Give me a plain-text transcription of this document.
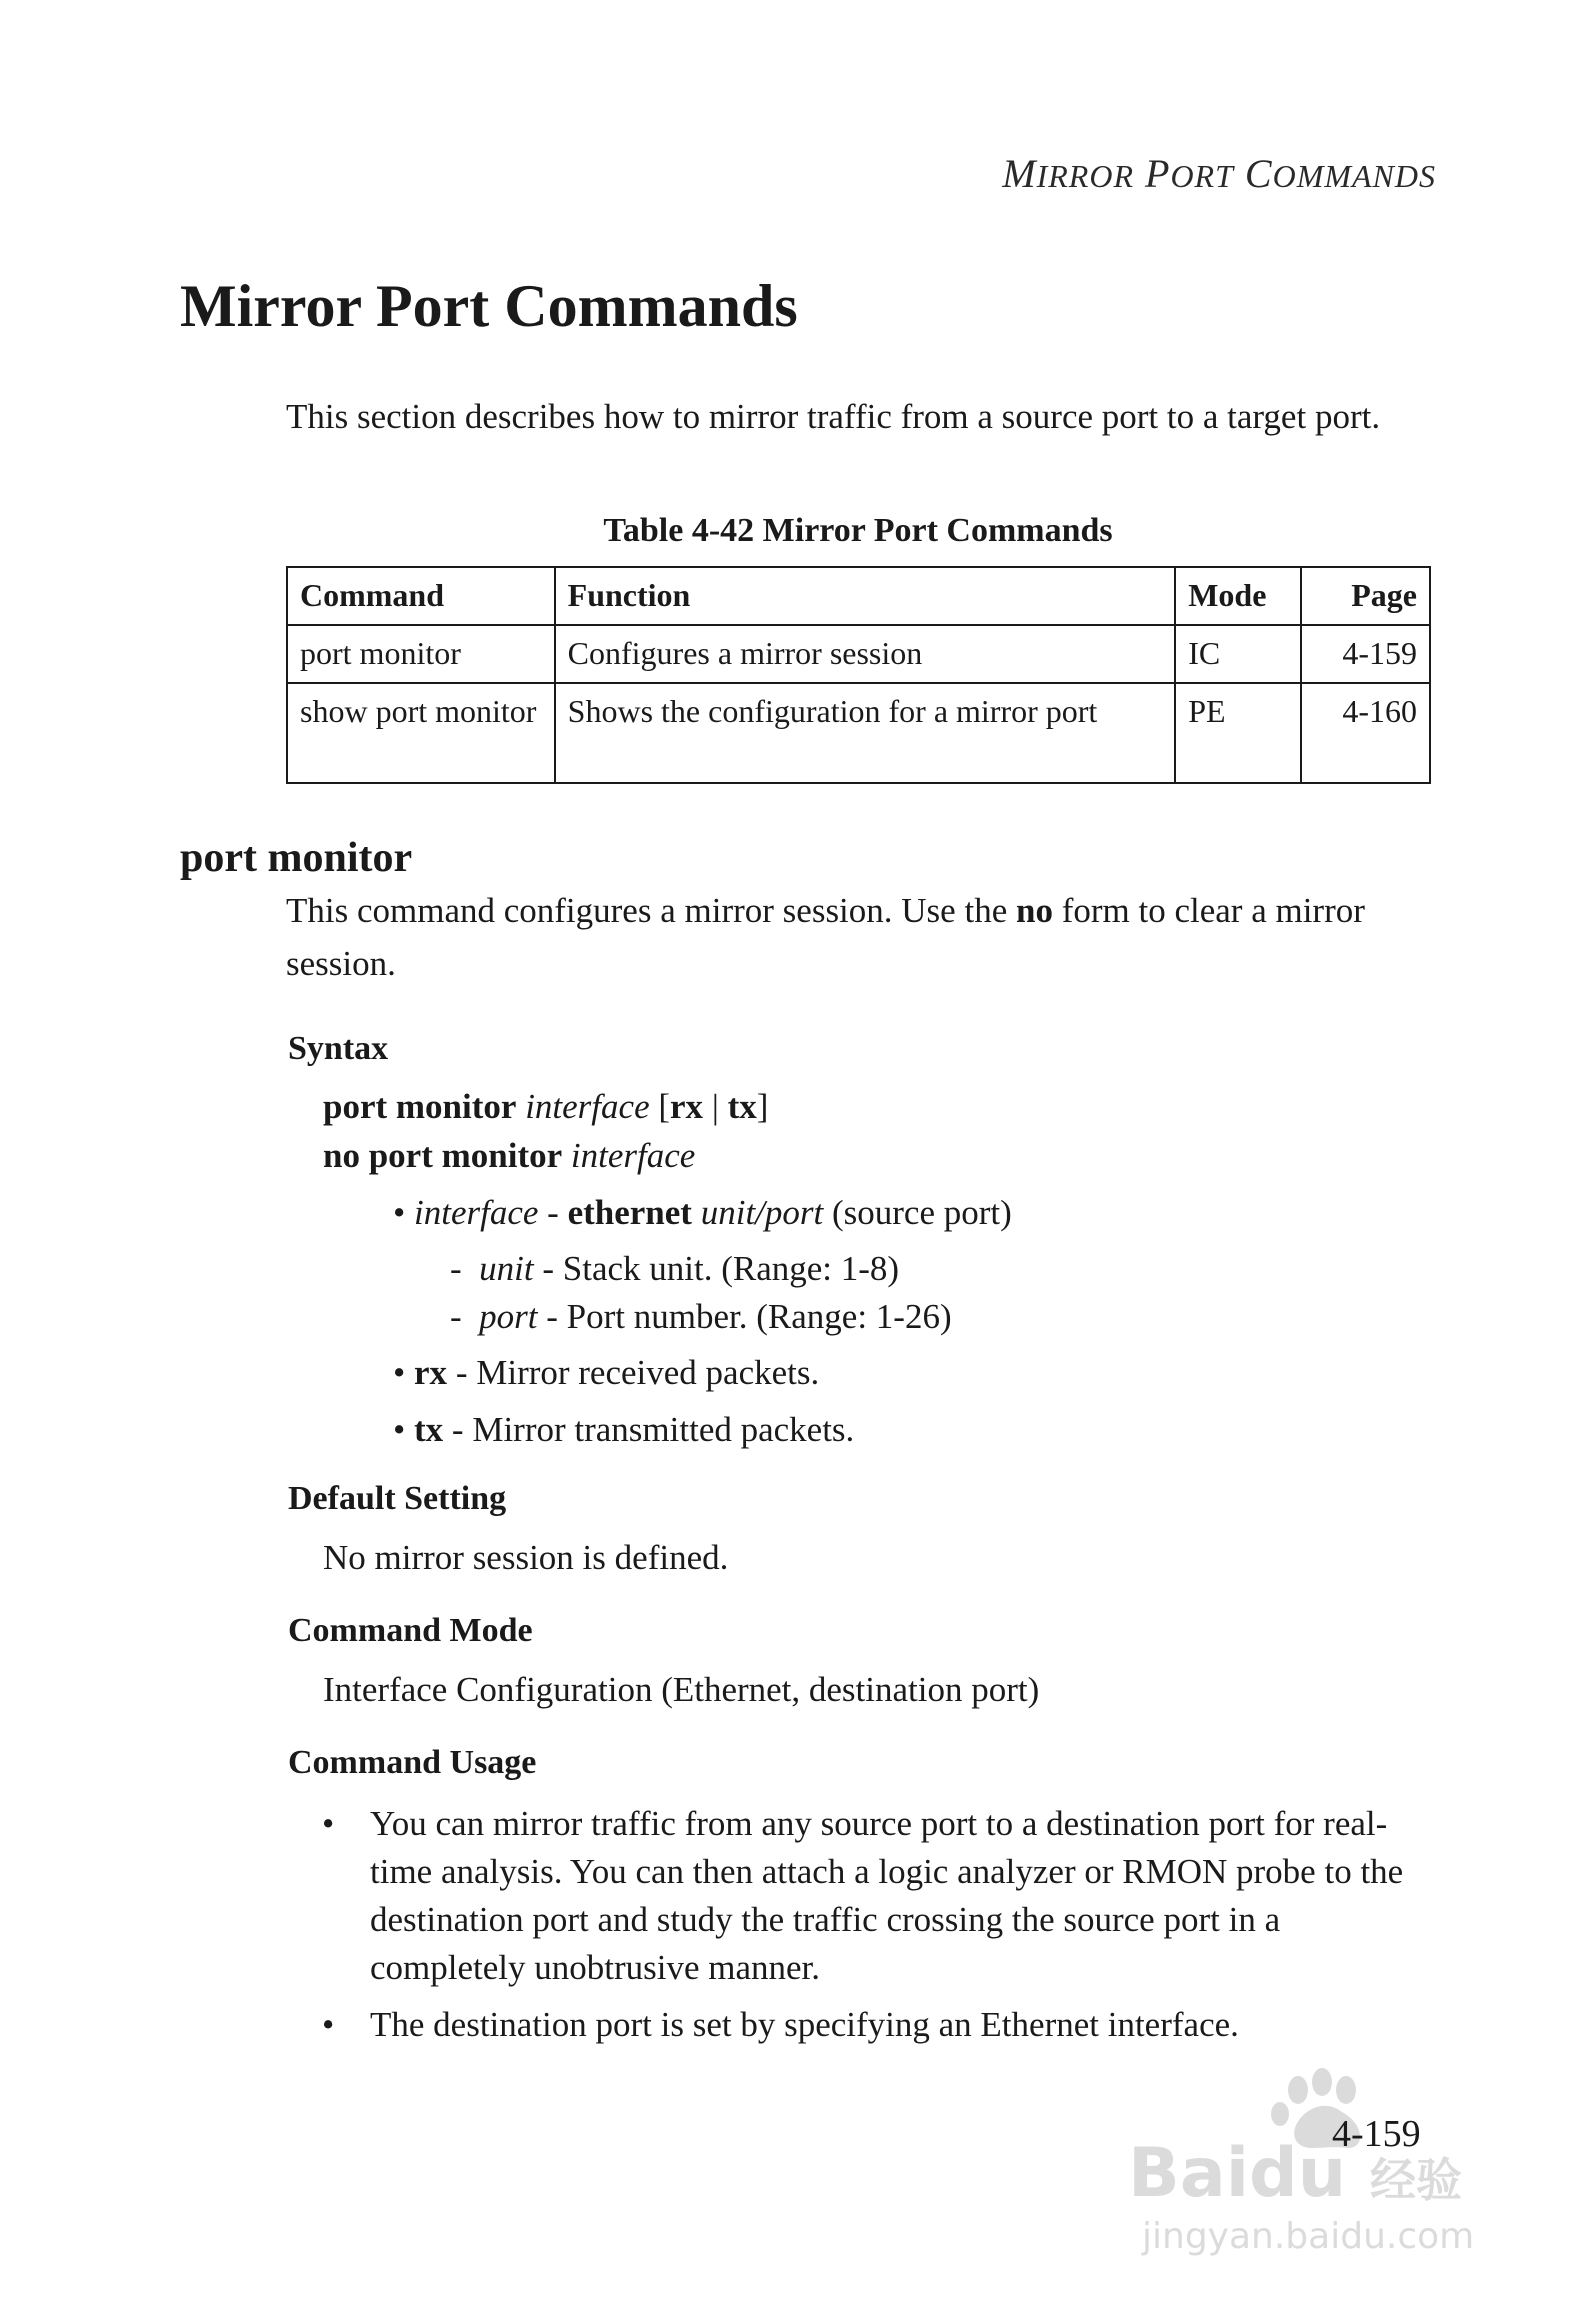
MIRROR PORT COMMANDS
Mirror Port Commands

This section describes how to mirror traffic from a source port to a target port.

Table 4-42 Mirror Port Commands
Command	Function	Mode	Page
port monitor	Configures a mirror session	IC	4-159
show port monitor	Shows the configuration for a mirror port	PE	4-160
port monitor

This command configures a mirror session. Use the no form to clear a mirror session.

Syntax
port monitor interface [rx | tx]
no port monitor interface
• interface - ethernet unit/port (source port)
-  unit - Stack unit. (Range: 1-8)
-  port - Port number. (Range: 1-26)
• rx - Mirror received packets.
• tx - Mirror transmitted packets.
Default Setting
No mirror session is defined.
Command Mode
Interface Configuration (Ethernet, destination port)
Command Usage
• You can mirror traffic from any source port to a destination port for real-time analysis. You can then attach a logic analyzer or RMON probe to the destination port and study the traffic crossing the source port in a completely unobtrusive manner.
• The destination port is set by specifying an Ethernet interface.
Baidu 经验
jingyan.baidu.com
4-159
